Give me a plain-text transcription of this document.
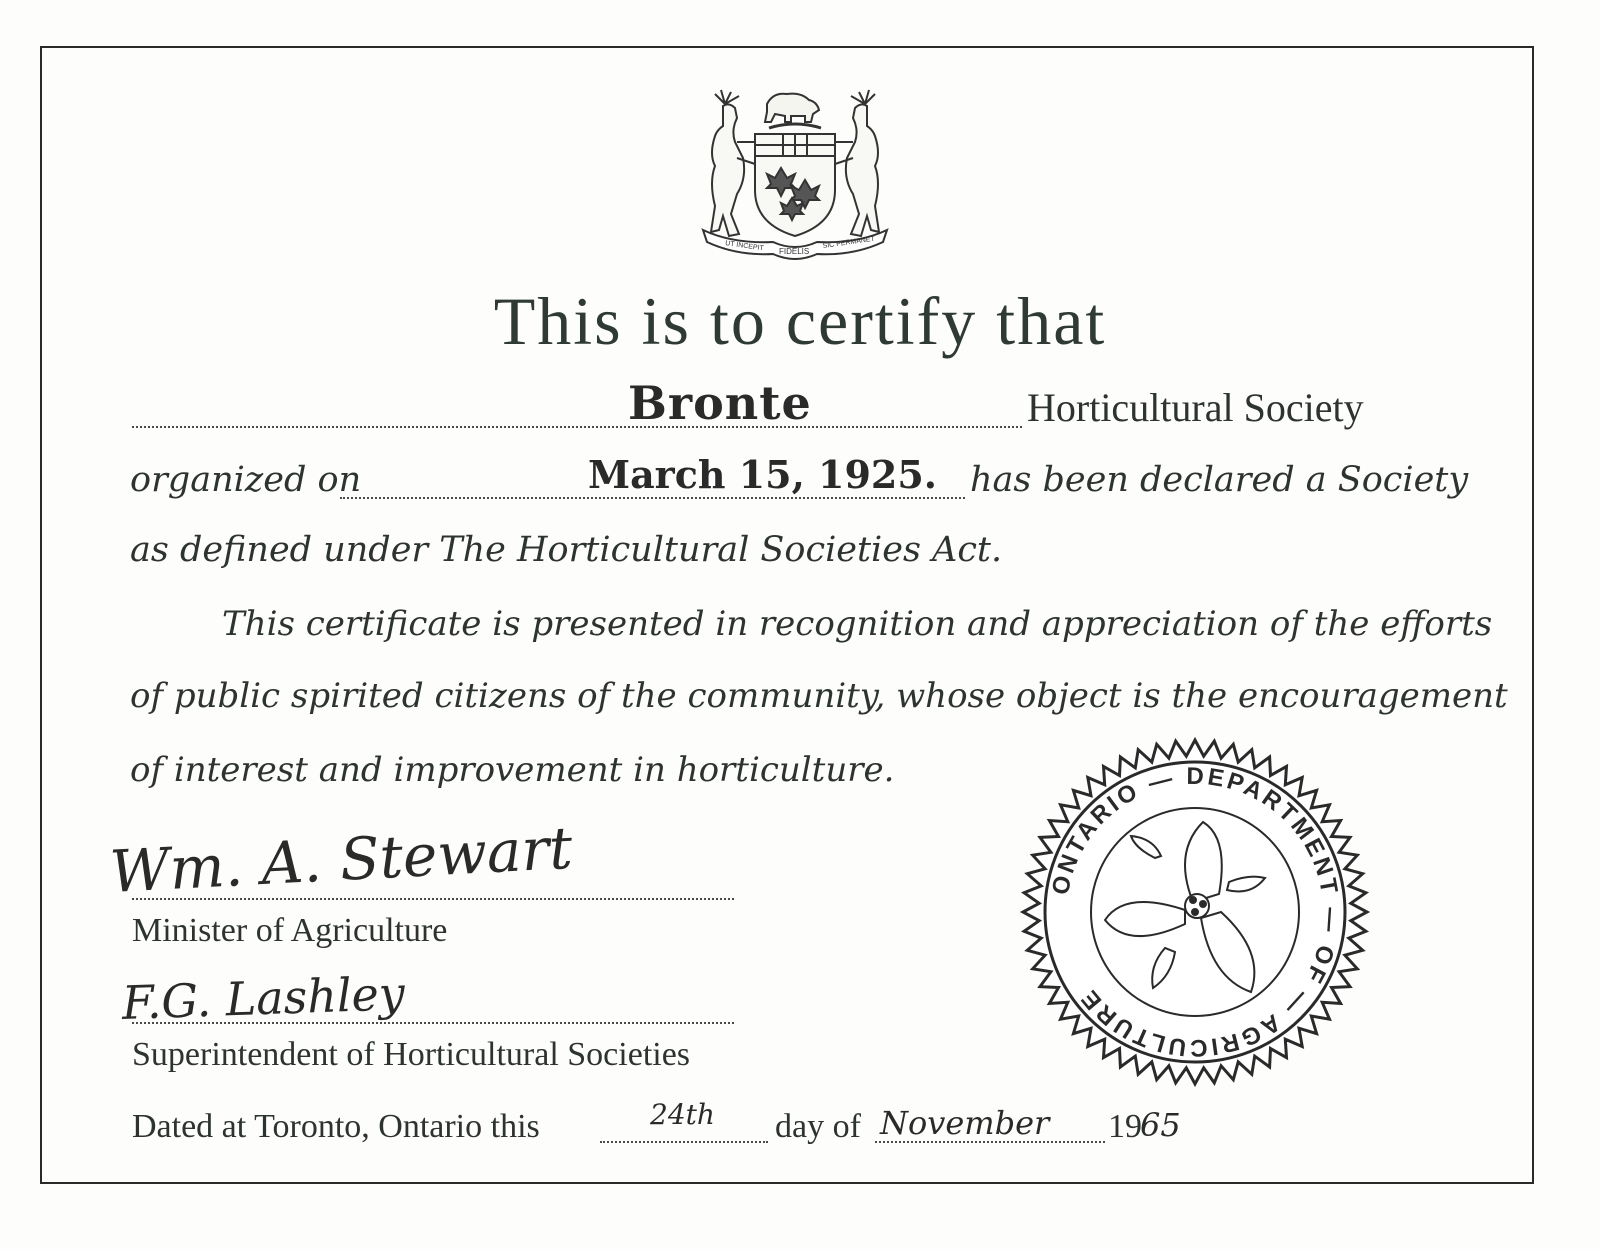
UT INCEPIT FIDELIS
SIC PERMANET
This is to certify that
Bronte	Horticultural Society
organized on	March 15, 1925. has been declared a Society
as defined under The Horticultural Societies Act.
This certificate is presented in recognition and appreciation of the efforts
of public spirited citizens of the community, whose object is the encouragement
of interest and improvement in horticulture.
Wm. A. Stewart
Minister of Agriculture
F.G. Lashley
Superintendent of Horticultural Societies
Dated at Toronto, Ontario this	24th day of November 19
65
ONTARIO — DEPARTMENT — OF — AGRICULTURE
